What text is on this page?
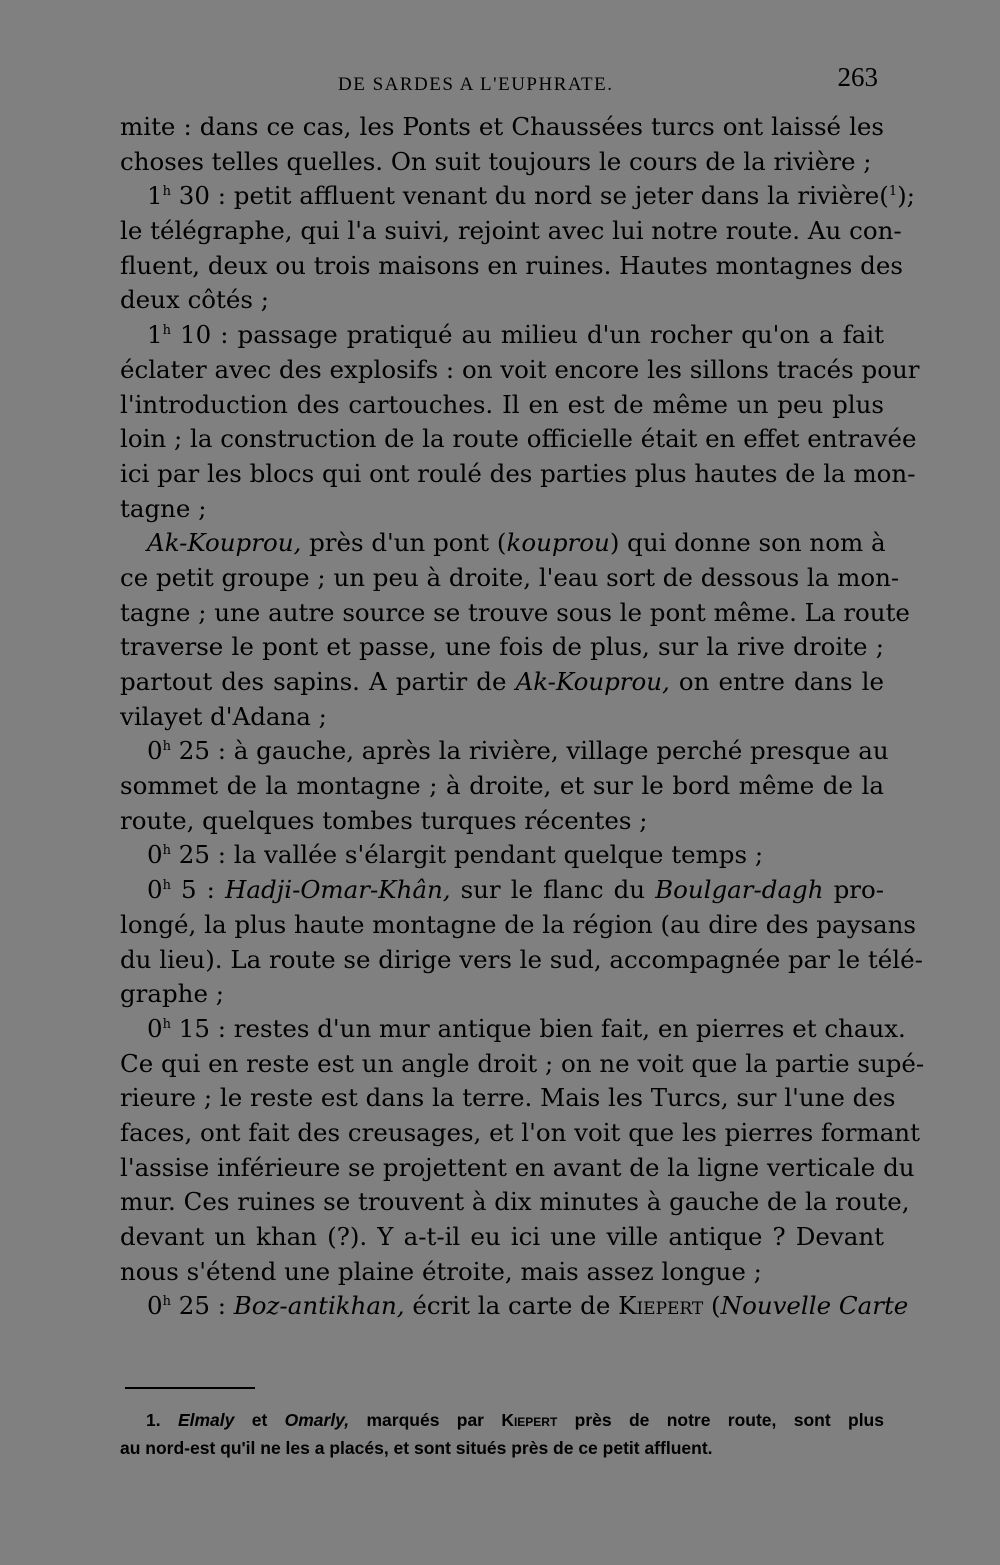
DE SARDES A L'EUPHRATE.	263
mite : dans ce cas, les Ponts et Chaussées turcs ont laissé les
choses telles quelles. On suit toujours le cours de la rivière ;
1$^h$ 30 : petit affluent venant du nord se jeter dans la rivière($^1$);
le télégraphe, qui l'a suivi, rejoint avec lui notre route. Au con-
fluent, deux ou trois maisons en ruines. Hautes montagnes des
deux côtés ;
1$^h$ 10 : passage pratiqué au milieu d'un rocher qu'on a fait
éclater avec des explosifs : on voit encore les sillons tracés pour
l'introduction des cartouches. Il en est de même un peu plus
loin ; la construction de la route officielle était en effet entravée
ici par les blocs qui ont roulé des parties plus hautes de la mon-
tagne ;
Ak-Kouprou, près d'un pont (kouprou) qui donne son nom à
ce petit groupe ; un peu à droite, l'eau sort de dessous la mon-
tagne ; une autre source se trouve sous le pont même. La route
traverse le pont et passe, une fois de plus, sur la rive droite ;
partout des sapins. A partir de Ak-Kouprou, on entre dans le
vilayet d'Adana ;
0$^h$ 25 : à gauche, après la rivière, village perché presque au
sommet de la montagne ; à droite, et sur le bord même de la
route, quelques tombes turques récentes ;
0$^h$ 25 : la vallée s'élargit pendant quelque temps ;
0$^h$ 5 : Hadji-Omar-Khân, sur le flanc du Boulgar-dagh pro-
longé, la plus haute montagne de la région (au dire des paysans
du lieu). La route se dirige vers le sud, accompagnée par le télé-
graphe ;
0$^h$ 15 : restes d'un mur antique bien fait, en pierres et chaux.
Ce qui en reste est un angle droit ; on ne voit que la partie supé-
rieure ; le reste est dans la terre. Mais les Turcs, sur l'une des
faces, ont fait des creusages, et l'on voit que les pierres formant
l'assise inférieure se projettent en avant de la ligne verticale du
mur. Ces ruines se trouvent à dix minutes à gauche de la route,
devant un khan (?). Y a-t-il eu ici une ville antique ? Devant
nous s'étend une plaine étroite, mais assez longue ;
0$^h$ 25 : Boz-antikhan, écrit la carte de Kiepert (Nouvelle Carte
1. Elmaly et Omarly, marqués par Kiepert près de notre route, sont plus
au nord-est qu'il ne les a placés, et sont situés près de ce petit affluent.
